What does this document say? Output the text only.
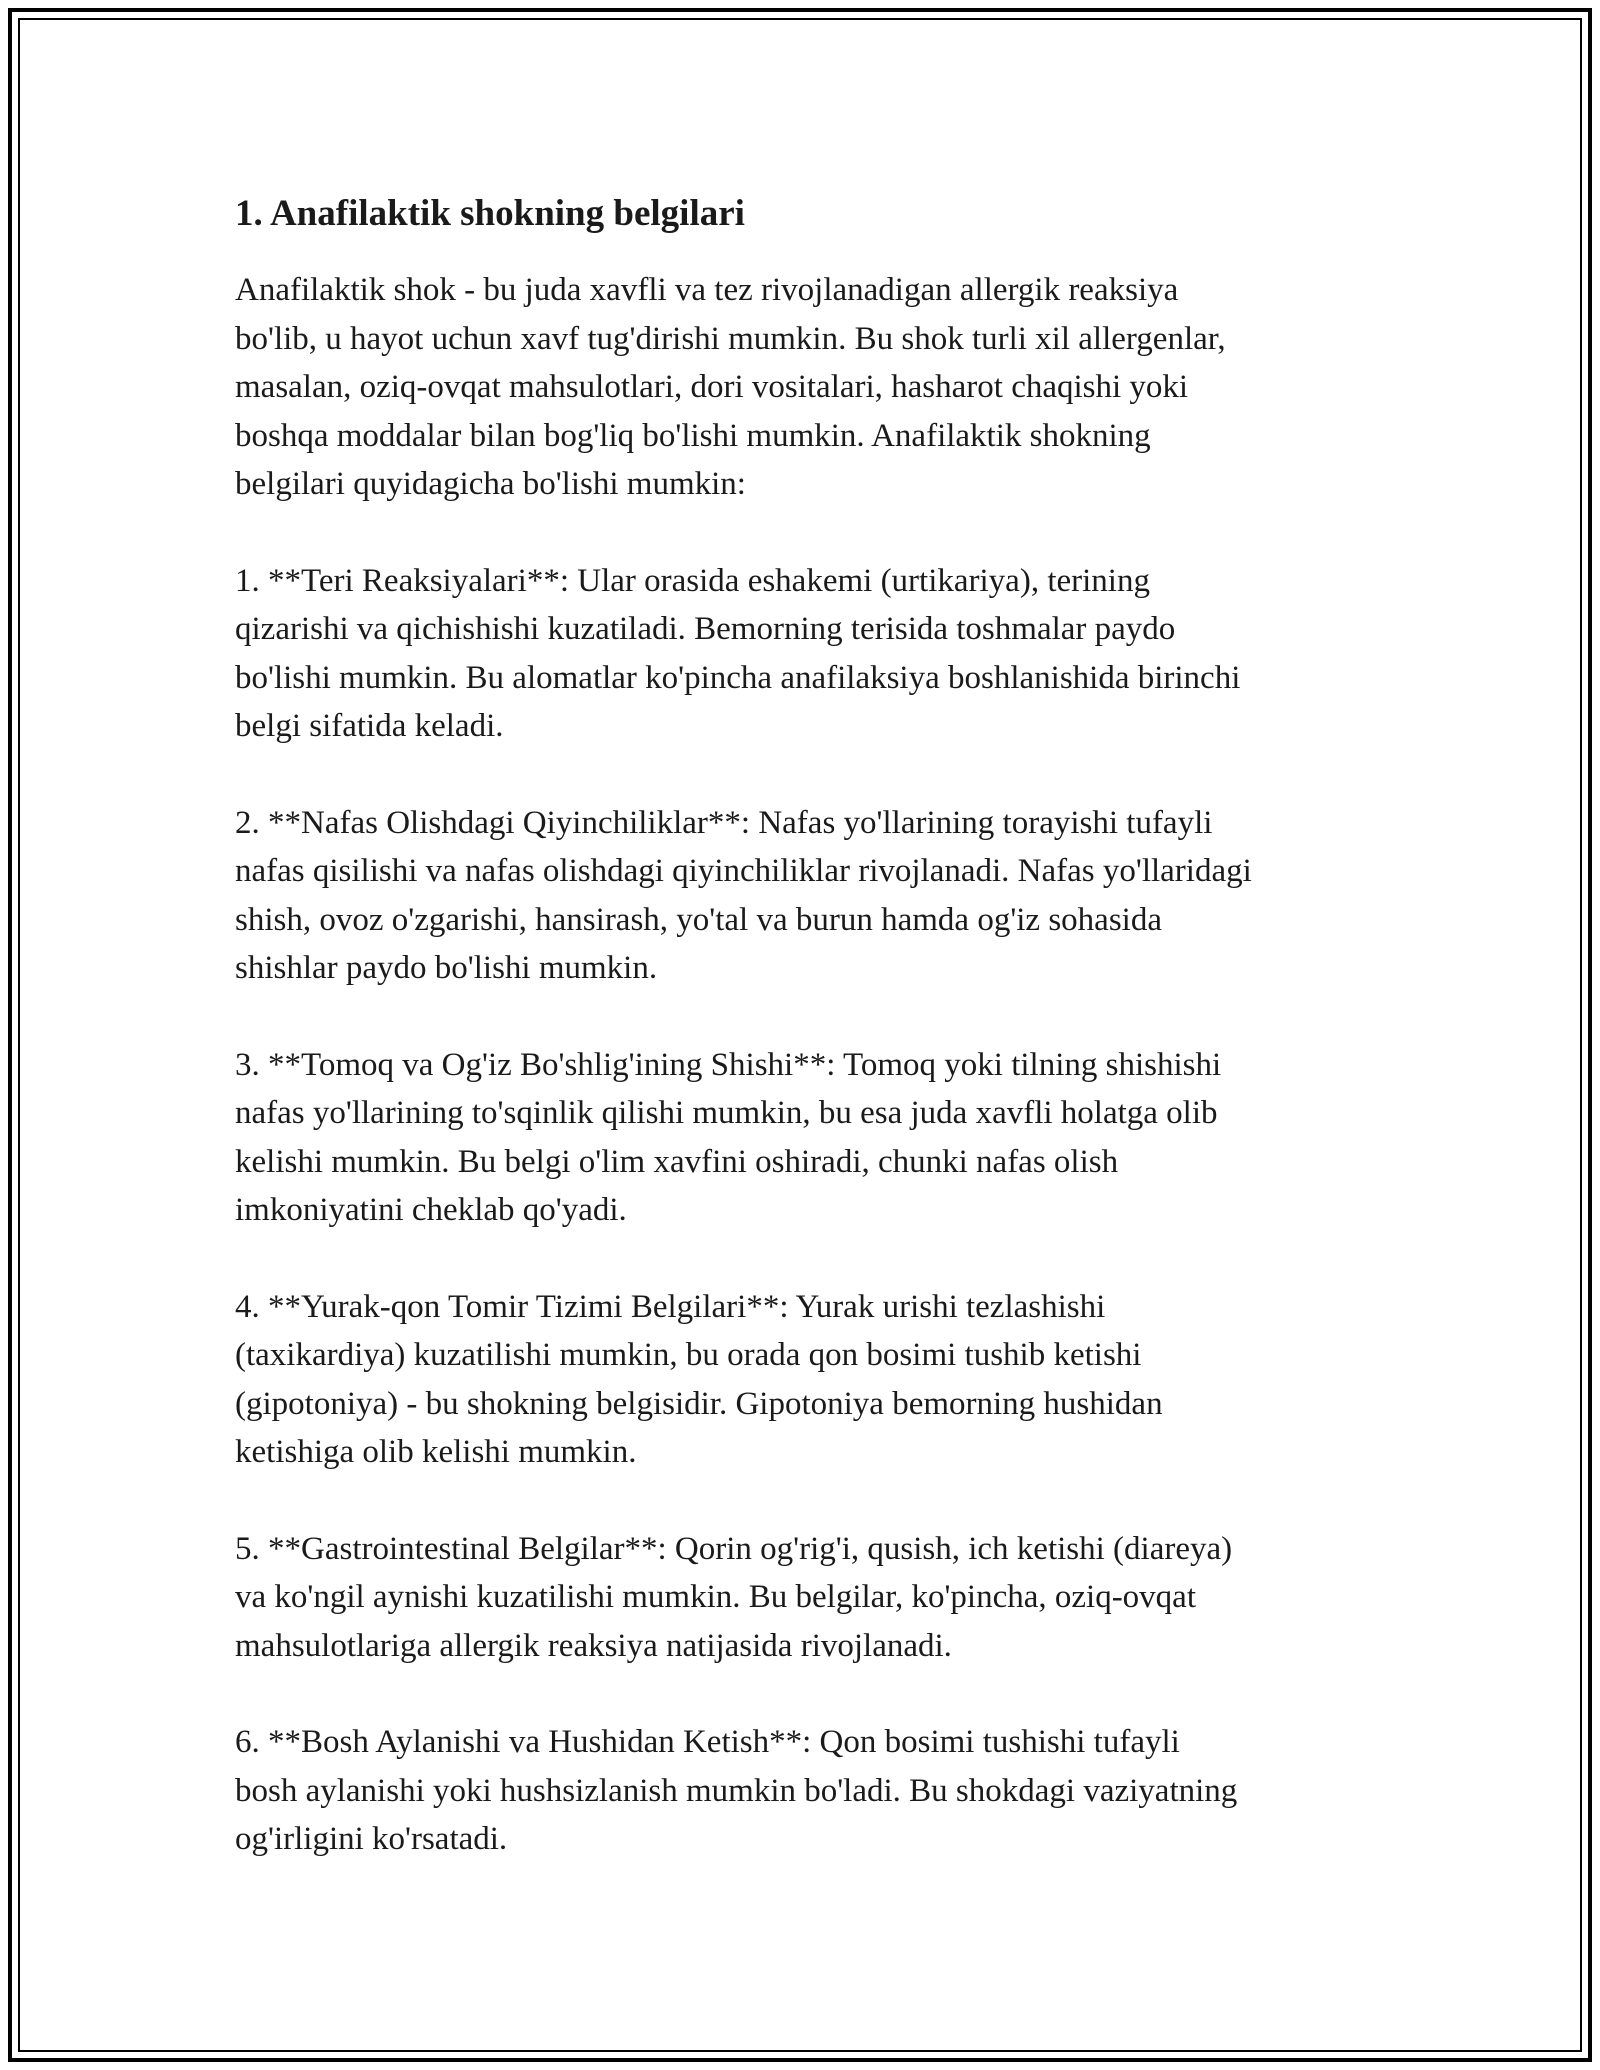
1. Anafilaktik shokning belgilari

Anafilaktik shok - bu juda xavfli va tez rivojlanadigan allergik reaksiya
bo'lib, u hayot uchun xavf tug'dirishi mumkin. Bu shok turli xil allergenlar,
masalan, oziq-ovqat mahsulotlari, dori vositalari, hasharot chaqishi yoki
boshqa moddalar bilan bog'liq bo'lishi mumkin. Anafilaktik shokning
belgilari quyidagicha bo'lishi mumkin:

1. **Teri Reaksiyalari**: Ular orasida eshakemi (urtikariya), terining
qizarishi va qichishishi kuzatiladi. Bemorning terisida toshmalar paydo
bo'lishi mumkin. Bu alomatlar ko'pincha anafilaksiya boshlanishida birinchi
belgi sifatida keladi.

2. **Nafas Olishdagi Qiyinchiliklar**: Nafas yo'llarining torayishi tufayli
nafas qisilishi va nafas olishdagi qiyinchiliklar rivojlanadi. Nafas yo'llaridagi
shish, ovoz o'zgarishi, hansirash, yo'tal va burun hamda og'iz sohasida
shishlar paydo bo'lishi mumkin.

3. **Tomoq va Og'iz Bo'shlig'ining Shishi**: Tomoq yoki tilning shishishi
nafas yo'llarining to'sqinlik qilishi mumkin, bu esa juda xavfli holatga olib
kelishi mumkin. Bu belgi o'lim xavfini oshiradi, chunki nafas olish
imkoniyatini cheklab qo'yadi.

4. **Yurak-qon Tomir Tizimi Belgilari**: Yurak urishi tezlashishi
(taxikardiya) kuzatilishi mumkin, bu orada qon bosimi tushib ketishi
(gipotoniya) - bu shokning belgisidir. Gipotoniya bemorning hushidan
ketishiga olib kelishi mumkin.

5. **Gastrointestinal Belgilar**: Qorin og'rig'i, qusish, ich ketishi (diareya)
va ko'ngil aynishi kuzatilishi mumkin. Bu belgilar, ko'pincha, oziq-ovqat
mahsulotlariga allergik reaksiya natijasida rivojlanadi.

6. **Bosh Aylanishi va Hushidan Ketish**: Qon bosimi tushishi tufayli
bosh aylanishi yoki hushsizlanish mumkin bo'ladi. Bu shokdagi vaziyatning
og'irligini ko'rsatadi.
